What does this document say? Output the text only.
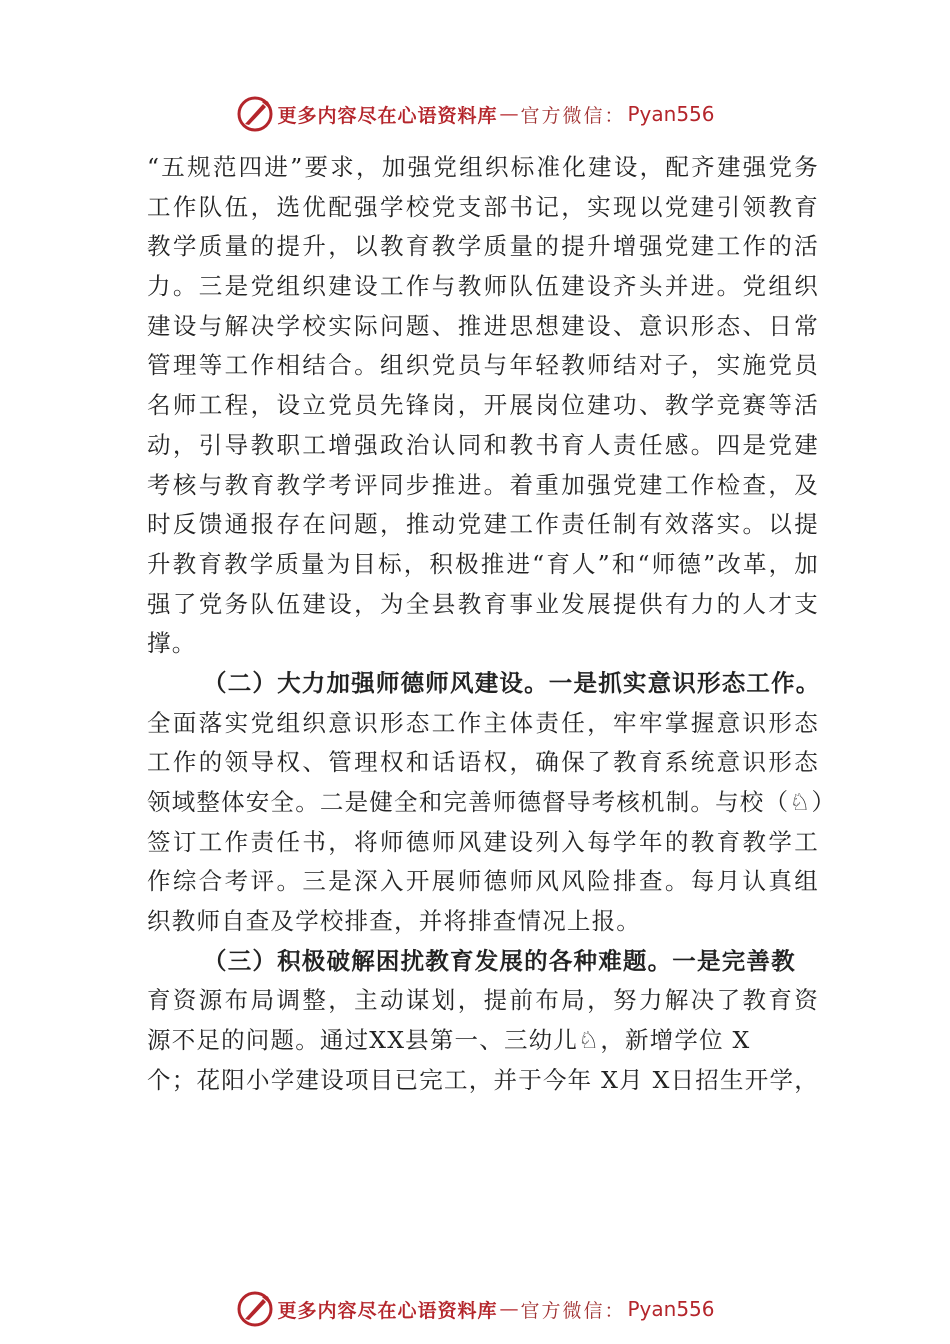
更多内容尽在心语资料库 — 官方微信： Pyan556
“五规范四进”要求，加强党组织标准化建设，配齐建强党务
工作队伍，选优配强学校党支部书记，实现以党建引领教育
教学质量的提升，以教育教学质量的提升增强党建工作的活
力。三是党组织建设工作与教师队伍建设齐头并进。党组织
建设与解决学校实际问题、推进思想建设、意识形态、日常
管理等工作相结合。组织党员与年轻教师结对子，实施党员
名师工程，设立党员先锋岗，开展岗位建功、教学竞赛等活
动，引导教职工增强政治认同和教书育人责任感。四是党建
考核与教育教学考评同步推进。着重加强党建工作检查，及
时反馈通报存在问题，推动党建工作责任制有效落实。以提
升教育教学质量为目标，积极推进“育人”和“师德”改革，加
强了党务队伍建设，为全县教育事业发展提供有力的人才支
撑。
（二）大力加强师德师风建设。一是抓实意识形态工作。
全面落实党组织意识形态工作主体责任，牢牢掌握意识形态
工作的领导权、管理权和话语权，确保了教育系统意识形态
领域整体安全。二是健全和完善师德督导考核机制。与校（♘）
签订工作责任书，将师德师风建设列入每学年的教育教学工
作综合考评。三是深入开展师德师风风险排查。每月认真组
织教师自查及学校排查，并将排查情况上报。
（三）积极破解困扰教育发展的各种难题。一是完善教
育资源布局调整，主动谋划，提前布局，努力解决了教育资
源不足的问题。通过XX县第一、三幼儿♘，新增学位 X
个；花阳小学建设项目已完工，并于今年 X月 X日招生开学，
更多内容尽在心语资料库 — 官方微信： Pyan556
